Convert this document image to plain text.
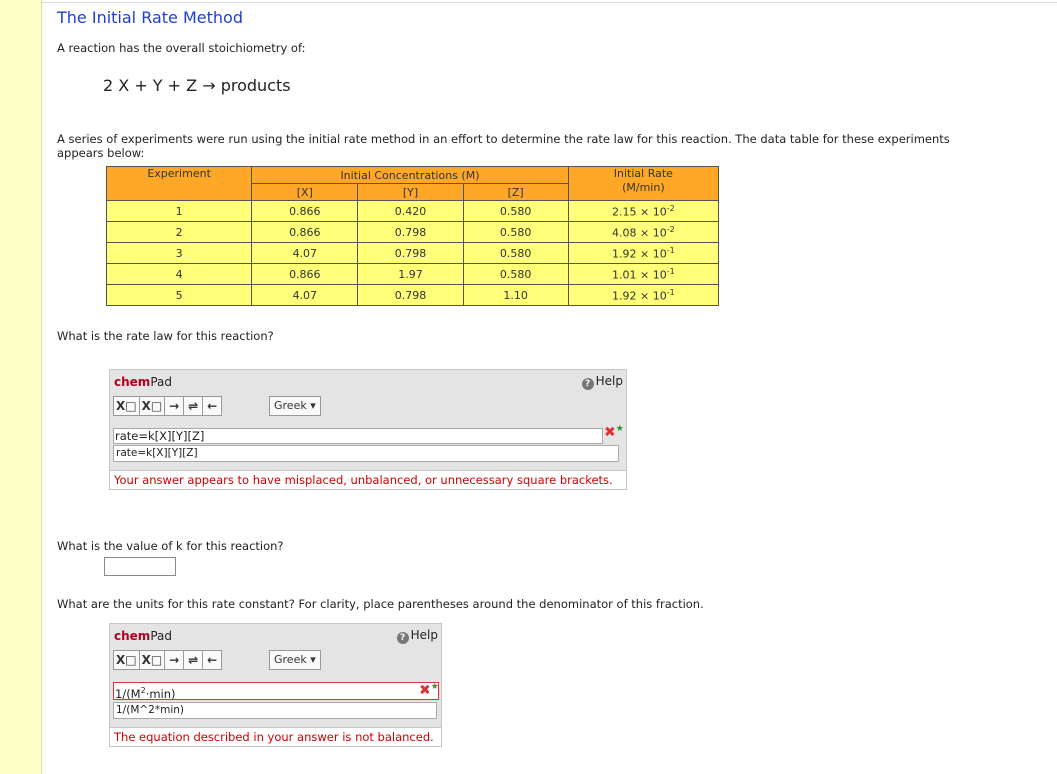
The Initial Rate Method
A reaction has the overall stoichiometry of:
2 X + Y + Z → products
A series of experiments were run using the initial rate method in an effort to determine the rate law for this reaction. The data table for these experiments
appears below:
Experiment	Initial Concentrations (M)			Initial Rate
(M/min)
	[X]	[Y]	[Z]	
1	0.866	0.420	0.580	$2.15 \times 10^{-2}$
2	0.866	0.798	0.580	$4.08 \times 10^{-2}$
3	4.07	0.798	0.580	$1.92 \times 10^{-1}$
4	0.866	1.97	0.580	$1.01 \times 10^{-1}$
5	4.07	0.798	1.10	$1.92 \times 10^{-1}$
What is the rate law for this reaction?
chemPad	? Help
X□ X□ → ⇌ ←	Greek ▾
rate=k[X][Y][Z]	✖★
rate=k[X][Y][Z]
Your answer appears to have misplaced, unbalanced, or unnecessary square brackets.
What is the value of k for this reaction?
What are the units for this rate constant? For clarity, place parentheses around the denominator of this fraction.
chemPad	? Help
X□ X□ → ⇌ ←	Greek ▾
$1/(M^2\cdot\min)$	✖★
1/(M^2*min)
The equation described in your answer is not balanced.
